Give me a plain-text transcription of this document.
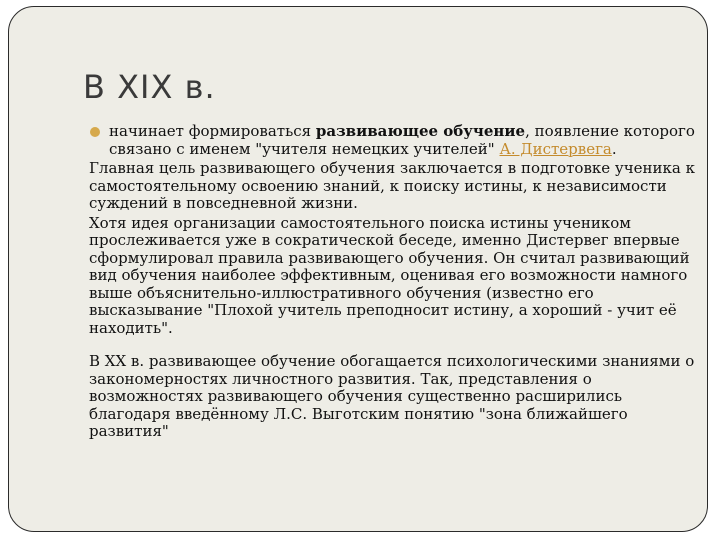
В XIX в.
начинает формироваться развивающее обучение, появление которого связано с именем "учителя немецких учителей" А. Дистервега.
Главная цель развивающего обучения заключается в подготовке ученика к самостоятельному освоению знаний, к поиску истины, к независимости суждений в повседневной жизни.
Хотя идея организации самостоятельного поиска истины учеником прослеживается уже в сократической беседе, именно Дистервег впервые сформулировал правила развивающего обучения. Он считал развивающий вид обучения наиболее эффективным, оценивая его возможности намного выше объяснительно-иллюстративного обучения (известно его высказывание "Плохой учитель преподносит истину, а хороший - учит её находить".
В XX в. развивающее обучение обогащается психологическими знаниями о закономерностях личностного развития. Так, представления о возможностях развивающего обучения существенно расширились благодаря введённому Л.С. Выготским понятию "зона ближайшего развития"
